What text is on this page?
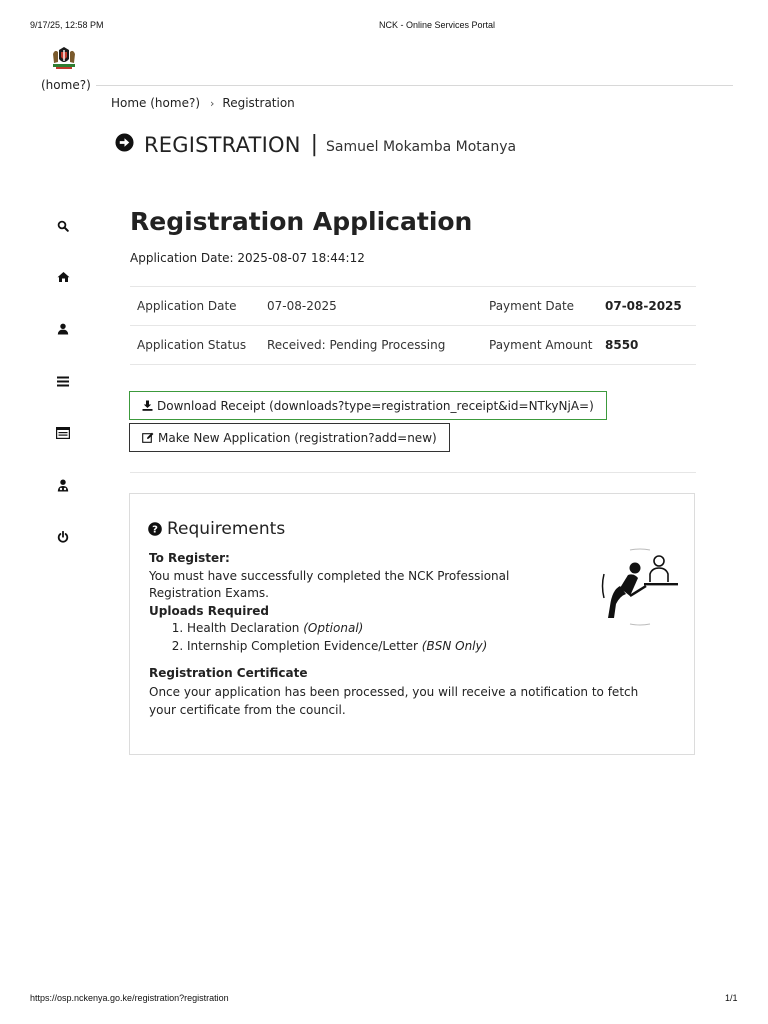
9/17/25, 12:58 PM	NCK - Online Services Portal
(home?)
Home (home?) › Registration
REGISTRATION | Samuel Mokamba Motanya
Registration Application
Application Date: 2025-08-07 18:44:12
Application Date	07-08-2025	Payment Date	07-08-2025
Application Status	Received: Pending Processing	Payment Amount	8550
Download Receipt (downloads?type=registration_receipt&id=NTkyNjA=)
Make New Application (registration?add=new)
? Requirements
To Register:
You must have successfully completed the NCK Professional Registration Exams.
Uploads Required
1. Health Declaration (Optional)
2. Internship Completion Evidence/Letter (BSN Only)
Registration Certificate
Once your application has been processed, you will receive a notification to fetch your certificate from the council.
https://osp.nckenya.go.ke/registration?registration	1/1
